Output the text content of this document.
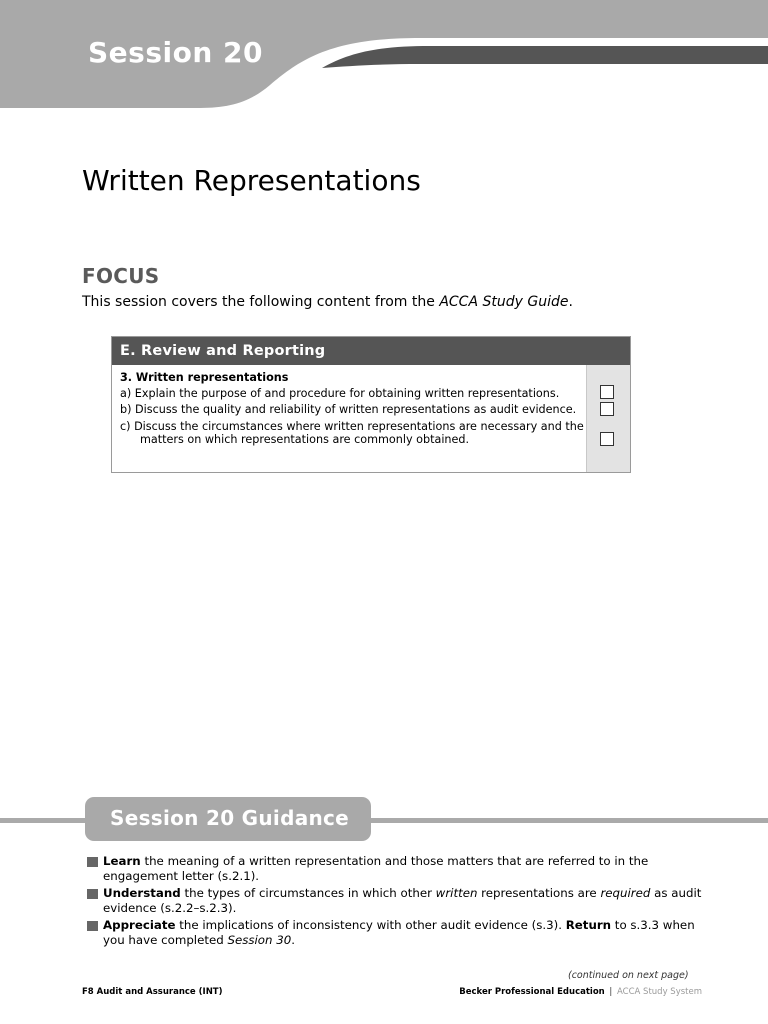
Session 20
Written Representations
FOCUS

This session covers the following content from the ACCA Study Guide.

E. Review and Reporting
3. Written representations
a) Explain the purpose of and procedure for obtaining written representations.
b) Discuss the quality and reliability of written representations as audit evidence.
c) Discuss the circumstances where written representations are necessary and the matters on which representations are commonly obtained.
Session 20 Guidance
Learn the meaning of a written representation and those matters that are referred to in the engagement letter (s.2.1).
Understand the types of circumstances in which other written representations are required as audit evidence (s.2.2–s.2.3).
Appreciate the implications of inconsistency with other audit evidence (s.3). Return to s.3.3 when you have completed Session 30.
(continued on next page)
F8 Audit and Assurance (INT)	Becker Professional Education | ACCA Study System
